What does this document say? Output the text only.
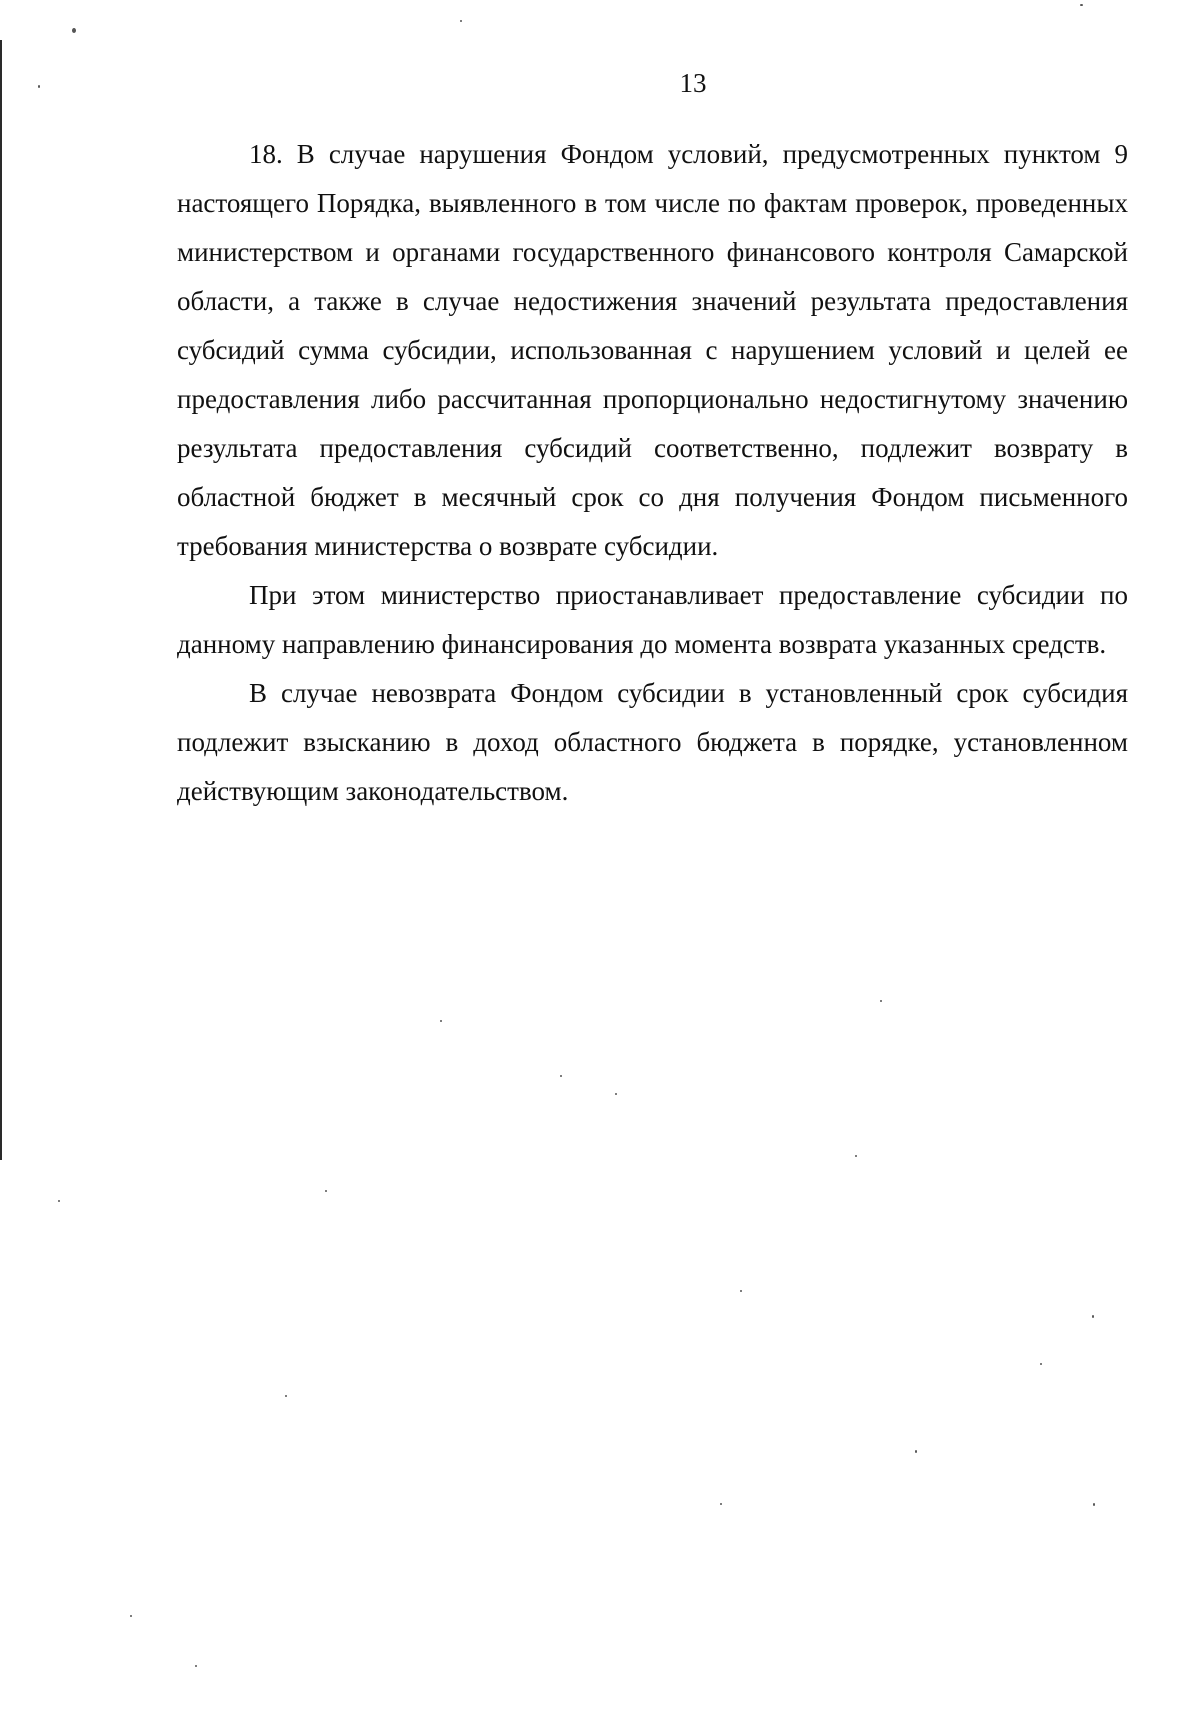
13

18. В случае нарушения Фондом условий, предусмотренных пунктом 9 настоящего Порядка, выявленного в том числе по фактам проверок, проведенных министерством и органами государственного финансового контроля Самарской области, а также в случае недостижения значений результата предоставления субсидий сумма субсидии, использованная с нарушением условий и целей ее предоставления либо рассчитанная пропорционально недостигнутому значению результата предоставления субсидий соответственно, подлежит возврату в областной бюджет в месячный срок со дня получения Фондом письменного требования министерства о возврате субсидии.

При этом министерство приостанавливает предоставление субсидии по данному направлению финансирования до момента возврата указанных средств.

В случае невозврата Фондом субсидии в установленный срок субсидия подлежит взысканию в доход областного бюджета в порядке, установленном действующим законодательством.
